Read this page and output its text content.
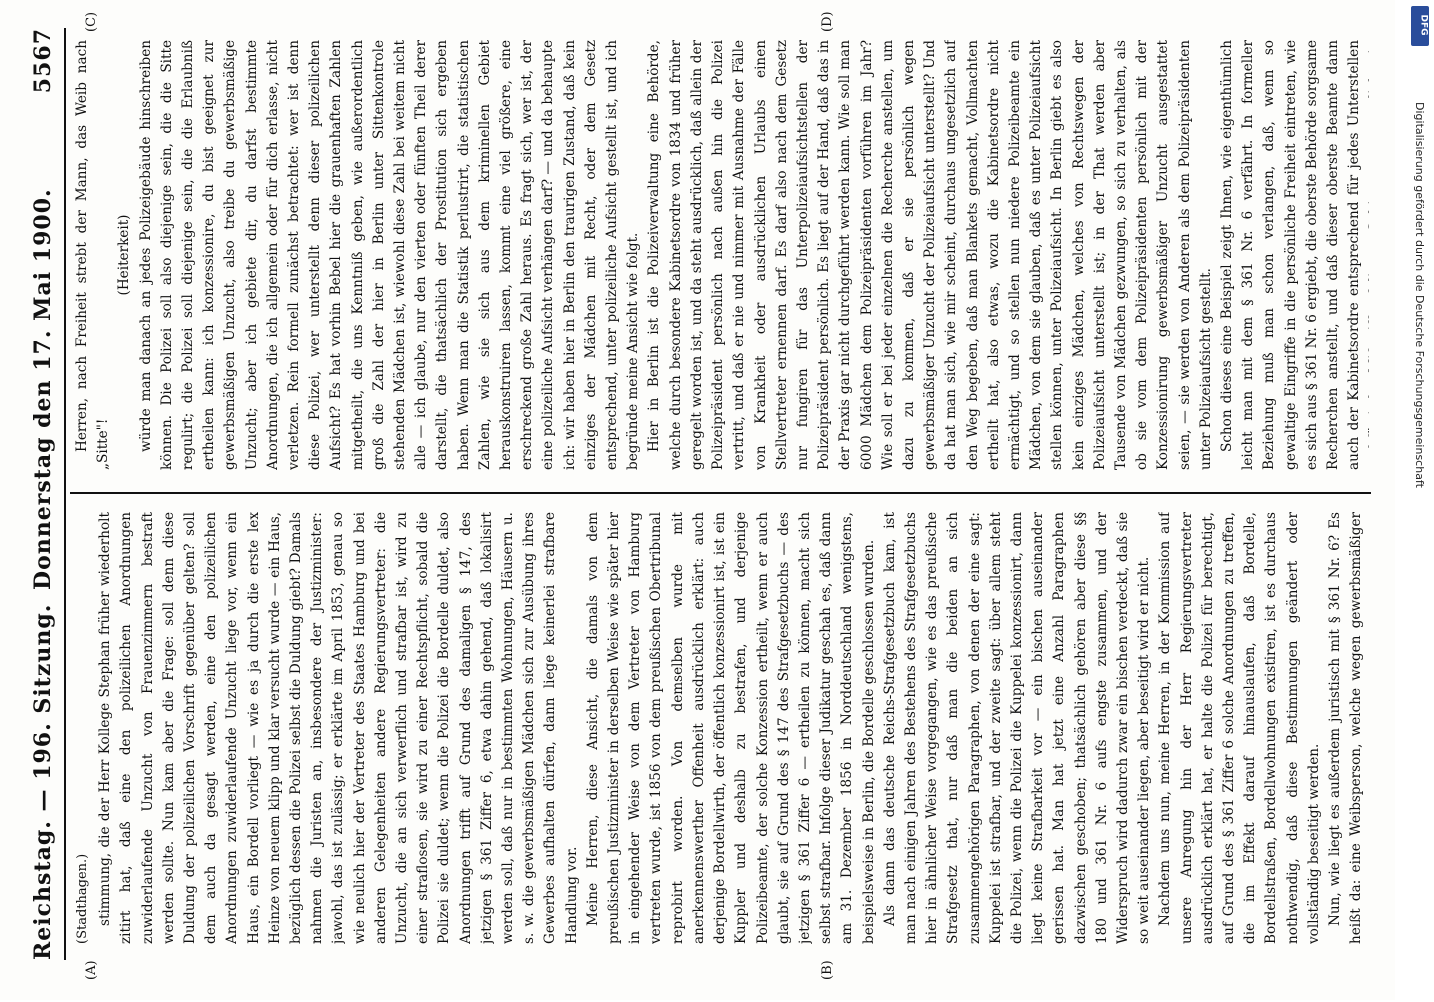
Reichstag. — 196. Sitzung.
Donnerstag den 17. Mai 1900.
5567
(A)	(B)
(C)	(D)
(Stadthagen.) stimmung, die der Herr Kollege Stephan früher wiederholt zitirt hat, daß eine den polizeilichen Anordnungen zuwiderlaufende Unzucht von Frauenzimmern bestraft werden sollte. Nun kam aber die Frage: soll denn diese Duldung der polizeilichen Vorschrift gegenüber gelten? soll dem auch da gesagt werden, eine den polizeilichen Anordnungen zuwiderlaufende Unzucht liege vor, wenn ein Haus, ein Bordell vorliegt — wie es ja durch die erste lex Heinze von neuem klipp und klar versucht wurde — ein Haus, bezüglich dessen die Polizei selbst die Duldung giebt? Damals nahmen die Juristen an, insbesondere der Justizminister: jawohl, das ist zulässig; er erklärte im April 1853, genau so wie neulich hier der Vertreter des Staates Hamburg und bei anderen Gelegenheiten andere Regierungsvertreter: die Unzucht, die an sich verwerflich und strafbar ist, wird zu einer straflosen, sie wird zu einer Rechtspflicht, sobald die Polizei sie duldet; wenn die Polizei die Bordelle duldet, also Anordnungen trifft auf Grund des damaligen § 147, des jetzigen § 361 Ziffer 6, etwa dahin gehend, daß lokalisirt werden soll, daß nur in bestimmten Wohnungen, Häusern u. s. w. die gewerbsmäßigen Mädchen sich zur Ausübung ihres Gewerbes aufhalten dürfen, dann liege keinerlei strafbare Handlung vor. Meine Herren, diese Ansicht, die damals von dem preußischen Justizminister in derselben Weise wie später hier in eingehender Weise von dem Vertreter von Hamburg vertreten wurde, ist 1856 von dem preußischen Obertribunal reprobirt worden. Von demselben wurde mit anerkennenswerther Offenheit ausdrücklich erklärt: auch derjenige Bordellwirth, der öffentlich konzessionirt ist, ist ein Kuppler und deshalb zu bestrafen, und derjenige Polizeibeamte, der solche Konzession ertheilt, wenn er auch glaubt, sie auf Grund des § 147 des Strafgesetzbuchs — des jetzigen § 361 Ziffer 6 — ertheilen zu können, macht sich selbst strafbar. Infolge dieser Judikatur geschah es, daß dann am 31. Dezember 1856 in Norddeutschland wenigstens, beispielsweise in Berlin, die Bordelle geschlossen wurden. Als dann das deutsche Reichs-Strafgesetzbuch kam, ist man nach einigen Jahren des Bestehens des Strafgesetzbuchs hier in ähnlicher Weise vorgegangen, wie es das preußische Strafgesetz that, nur daß man die beiden an sich zusammengehörigen Paragraphen, von denen der eine sagt: Kuppelei ist strafbar, und der zweite sagt: über allem steht die Polizei, wenn die Polizei die Kuppelei konzessionirt, dann liegt keine Strafbarkeit vor — ein bischen auseinander gerissen hat. Man hat jetzt eine Anzahl Paragraphen dazwischen geschoben; thatsächlich gehören aber diese §§ 180 und 361 Nr. 6 aufs engste zusammen, und der Widerspruch wird dadurch zwar ein bischen verdeckt, daß sie so weit auseinander liegen, aber beseitigt wird er nicht. Nachdem uns nun, meine Herren, in der Kommission auf unsere Anregung hin der Herr Regierungsvertreter ausdrücklich erklärt hat, er halte die Polizei für berechtigt, auf Grund des § 361 Ziffer 6 solche Anordnungen zu treffen, die im Effekt darauf hinauslaufen, daß Bordelle, Bordellstraßen, Bordellwohnungen existiren, ist es durchaus nothwendig, daß diese Bestimmungen geändert oder vollständig beseitigt werden. Nun, wie liegt es außerdem juristisch mit § 361 Nr. 6? Es heißt da: eine Weibsperson, welche wegen gewerbsmäßiger

Herren, nach Freiheit strebt der Mann, das Weib nach „Sitte"!

(Heiterkeit) würde man danach an jedes Polizeigebäude hinschreiben können. Die Polizei soll also diejenige sein, die die Sitte regulirt; die Polizei soll diejenige sein, die die Erlaubniß ertheilen kann: ich konzessionire, du bist geeignet zur gewerbsmäßigen Unzucht, also treibe du gewerbsmäßige Unzucht; aber ich gebiete dir, du darfst bestimmte Anordnungen, die ich allgemein oder für dich erlasse, nicht verletzen. Rein formell zunächst betrachtet: wer ist denn diese Polizei, wer unterstellt denn dieser polizeilichen Aufsicht? Es hat vorhin Bebel hier die grauenhaften Zahlen mitgetheilt, die uns Kenntniß geben, wie außerordentlich groß die Zahl der hier in Berlin unter Sittenkontrole stehenden Mädchen ist, wiewohl diese Zahl bei weitem nicht alle — ich glaube, nur den vierten oder fünften Theil derer darstellt, die thatsächlich der Prostitution sich ergeben haben. Wenn man die Statistik perlustrirt, die statistischen Zahlen, wie sie sich aus dem kriminellen Gebiet herauskonstruiren lassen, kommt eine viel größere, eine erschreckend große Zahl heraus. Es fragt sich, wer ist, der eine polizeiliche Aufsicht verhängen darf? — und da behaupte ich: wir haben hier in Berlin den traurigen Zustand, daß kein einziges der Mädchen mit Recht, oder dem Gesetz entsprechend, unter polizeiliche Aufsicht gestellt ist, und ich begründe meine Ansicht wie folgt. Hier in Berlin ist die Polizeiverwaltung eine Behörde, welche durch besondere Kabinetsordre von 1834 und früher geregelt worden ist, und da steht ausdrücklich, daß allein der Polizeipräsident persönlich nach außen hin die Polizei vertritt, und daß er nie und nimmer mit Ausnahme der Fälle von Krankheit oder ausdrücklichen Urlaubs einen Stellvertreter ernennen darf. Es darf also nach dem Gesetz nur fungiren für das Unterpolizeiaufsichtstellen der Polizeipräsident persönlich. Es liegt auf der Hand, daß das in der Praxis gar nicht durchgeführt werden kann. Wie soll man 6000 Mädchen dem Polizeipräsidenten vorführen im Jahr? Wie soll er bei jeder einzelnen die Recherche anstellen, um dazu zu kommen, daß er sie persönlich wegen gewerbsmäßiger Unzucht der Polizeiaufsicht unterstellt? Und da hat man sich, wie mir scheint, durchaus ungesetzlich auf den Weg begeben, daß man Blankets gemacht, Vollmachten ertheilt hat, also etwas, wozu die Kabinetsordre nicht ermächtigt, und so stellen nun niedere Polizeibeamte ein Mädchen, von dem sie glauben, daß es unter Polizeiaufsicht stellen können, unter Polizeiaufsicht. In Berlin giebt es also kein einziges Mädchen, welches von Rechtswegen der Polizeiaufsicht unterstellt ist; in der That werden aber Tausende von Mädchen gezwungen, so sich zu verhalten, als ob sie vom dem Polizeipräsidenten persönlich mit der Konzessionirung gewerbsmäßiger Unzucht ausgestattet seien, — sie werden von Anderen als dem Polizeipräsidenten unter Polizeiaufsicht gestellt. Schon dieses eine Beispiel zeigt Ihnen, wie eigenthümlich leicht man mit dem § 361 Nr. 6 verfährt. In formeller Beziehung muß man schon verlangen, daß, wenn so gewaltige Eingriffe in die persönliche Freiheit eintreten, wie es sich aus § 361 Nr. 6 ergiebt, die oberste Behörde sorgsame Recherchen anstellt, und daß dieser oberste Beamte dann auch der Kabinetsordre entsprechend für jedes Unterstellen

DFG
Digitalisierung gefördert durch die Deutsche Forschungsgemeinschaft
